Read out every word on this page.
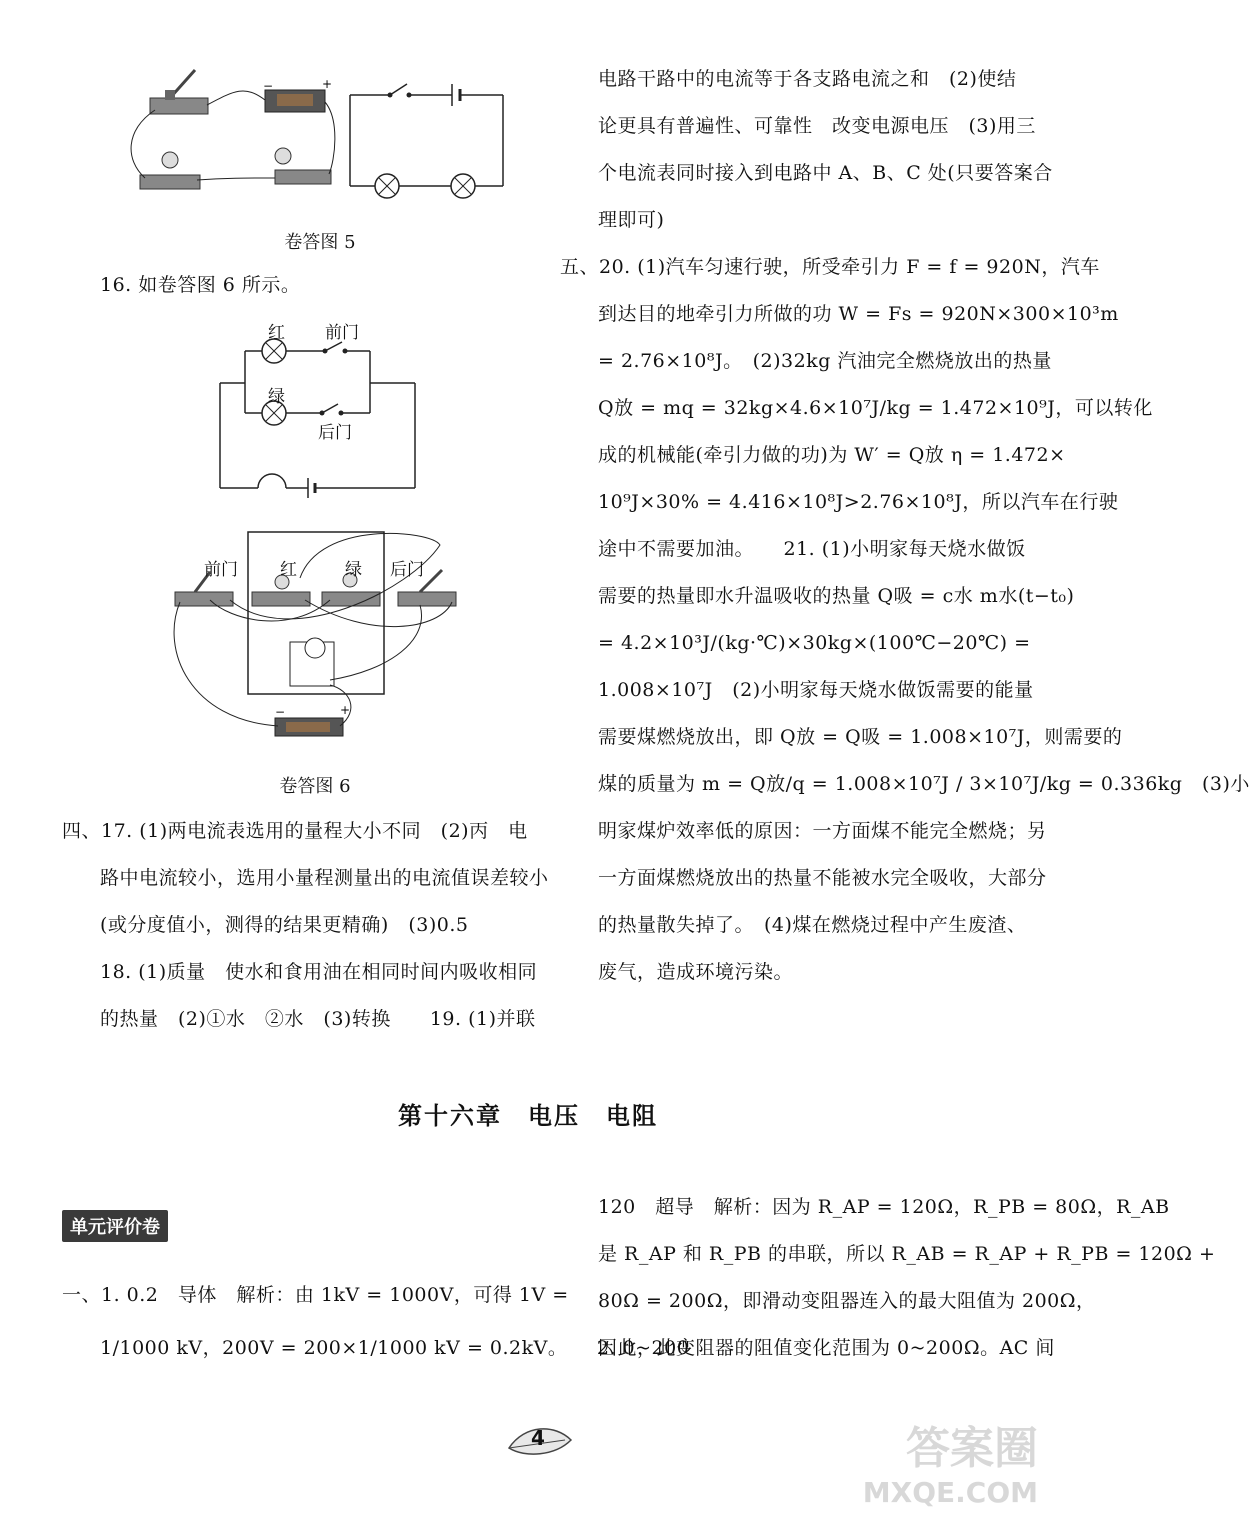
−	+
卷答图 5
16. 如卷答图 6 所示。
红 前门
绿
后门
−	+
前门 红	绿 后门
卷答图 6
四、17. (1)两电流表选用的量程大小不同　(2)丙　电
路中电流较小，选用小量程测量出的电流值误差较小
(或分度值小，测得的结果更精确)　(3)0.5
18. (1)质量　使水和食用油在相同时间内吸收相同
的热量　(2)①水　②水　(3)转换　　19. (1)并联
电路干路中的电流等于各支路电流之和　(2)使结
论更具有普遍性、可靠性　改变电源电压　(3)用三
个电流表同时接入到电路中 A、B、C 处(只要答案合
理即可)
五、20. (1)汽车匀速行驶，所受牵引力 F = f = 920N，汽车
到达目的地牵引力所做的功 W = Fs = 920N×300×10³m
= 2.76×10⁸J。　(2)32kg 汽油完全燃烧放出的热量
Q放 = mq = 32kg×4.6×10⁷J/kg = 1.472×10⁹J，可以转化
成的机械能(牵引力做的功)为 W′ = Q放 η = 1.472×
10⁹J×30% = 4.416×10⁸J>2.76×10⁸J，所以汽车在行驶
途中不需要加油。　　21. (1)小明家每天烧水做饭
需要的热量即水升温吸收的热量 Q吸 = c水 m水(t−t₀)
= 4.2×10³J/(kg·℃)×30kg×(100℃−20℃) =
1.008×10⁷J　(2)小明家每天烧水做饭需要的能量
需要煤燃烧放出，即 Q放 = Q吸 = 1.008×10⁷J，则需要的
煤的质量为 m = Q放/q = 1.008×10⁷J / 3×10⁷J/kg = 0.336kg　(3)小
明家煤炉效率低的原因：一方面煤不能完全燃烧；另
一方面煤燃烧放出的热量不能被水完全吸收，大部分
的热量散失掉了。　(4)煤在燃烧过程中产生废渣、
废气，造成环境污染。
第十六章　电压　电阻
单元评价卷
一、1. 0.2　导体　解析：由 1kV = 1000V，可得 1V =
1/1000 kV，200V = 200×1/1000 kV = 0.2kV。　　2. 0~200
120　超导　解析：因为 R_AP = 120Ω，R_PB = 80Ω，R_AB
是 R_AP 和 R_PB 的串联，所以 R_AB = R_AP + R_PB = 120Ω +
80Ω = 200Ω，即滑动变阻器连入的最大阻值为 200Ω，
因此，此变阻器的阻值变化范围为 0~200Ω。AC 间
4	答案圈
MXQE.COM
